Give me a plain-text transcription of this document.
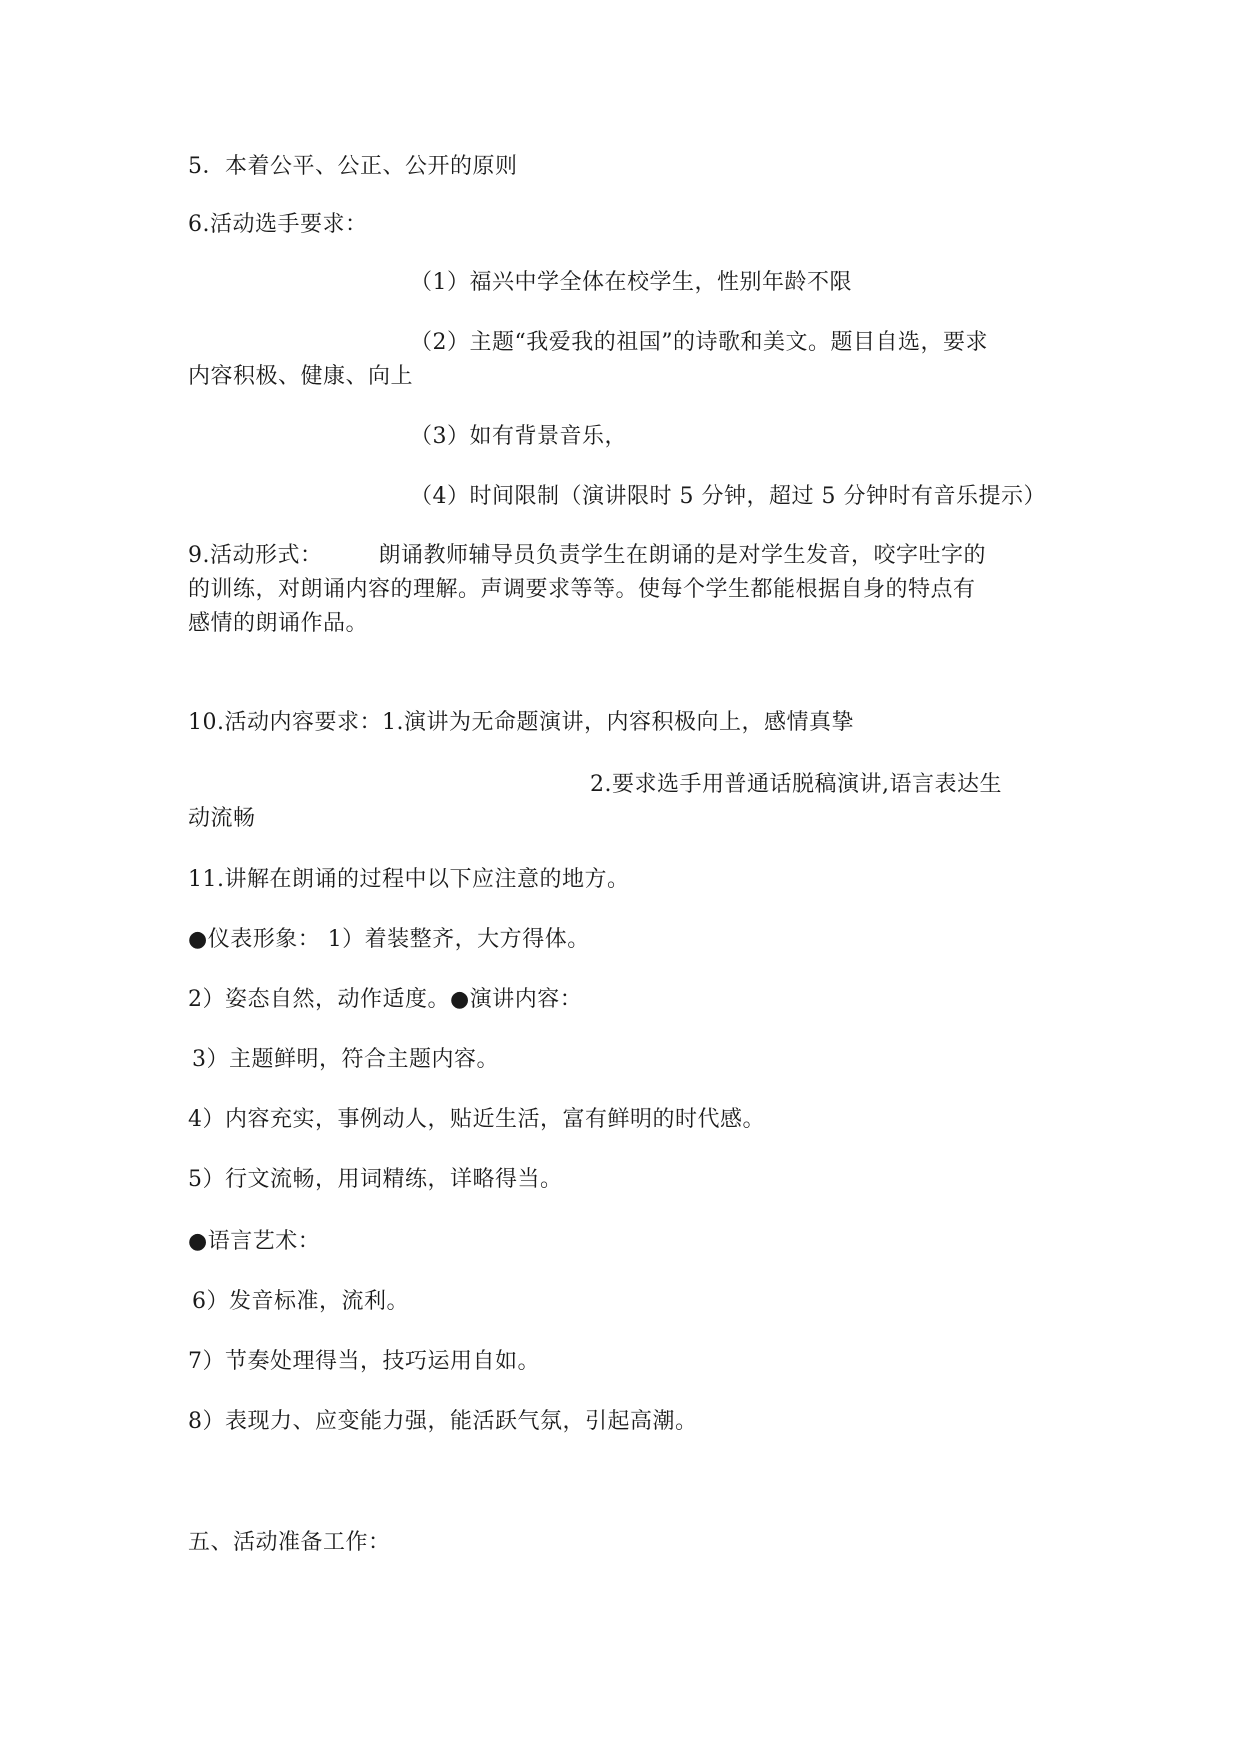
5．本着公平、公正、公开的原则
6.活动选手要求：
（1）福兴中学全体在校学生，性别年龄不限
（2）主题“我爱我的祖国”的诗歌和美文。题目自选，要求
内容积极、健康、向上
（3）如有背景音乐，
（4）时间限制（演讲限时 5 分钟，超过 5 分钟时有音乐提示）
9.活动形式：	朗诵教师辅导员负责学生在朗诵的是对学生发音，咬字吐字的
的训练，对朗诵内容的理解。声调要求等等。使每个学生都能根据自身的特点有
感情的朗诵作品。
10.活动内容要求：1.演讲为无命题演讲，内容积极向上，感情真挚
2.要求选手用普通话脱稿演讲,语言表达生
动流畅
11.讲解在朗诵的过程中以下应注意的地方。
●仪表形象： 1）着装整齐，大方得体。
2）姿态自然，动作适度。●演讲内容：
3）主题鲜明，符合主题内容。
4）内容充实，事例动人，贴近生活，富有鲜明的时代感。
5）行文流畅，用词精练，详略得当。
●语言艺术：
6）发音标准，流利。
7）节奏处理得当，技巧运用自如。
8）表现力、应变能力强，能活跃气氛，引起高潮。
五、活动准备工作：
